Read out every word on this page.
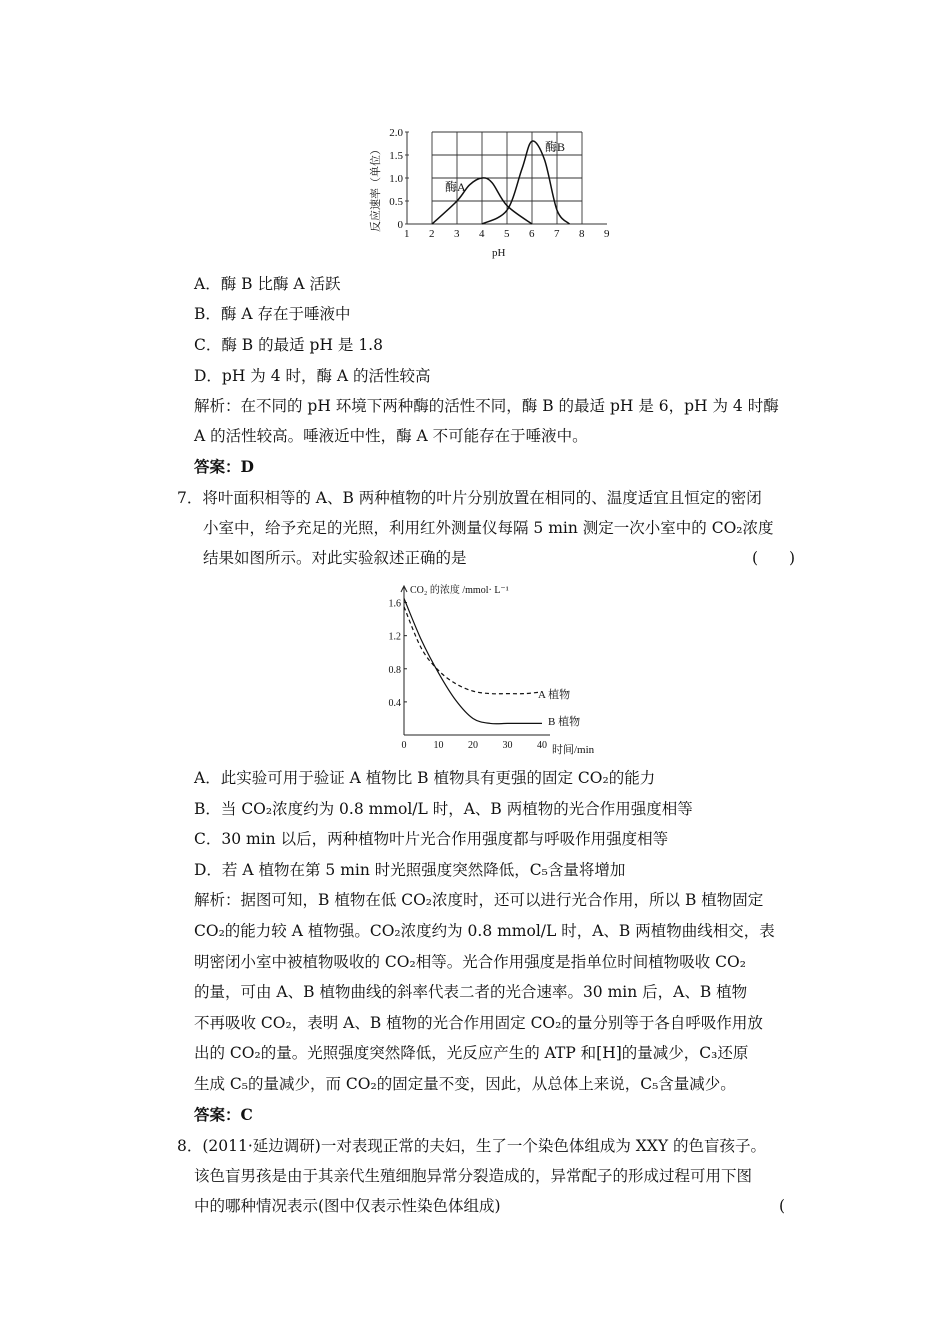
1 2 3 4 5 6 7 8 9
0
0.5
1.0
1.5
2.0
反应速率（单位）
pH
酶A
酶B
A．酶 B 比酶 A 活跃
B．酶 A 存在于唾液中
C．酶 B 的最适 pH 是 1.8
D．pH 为 4 时，酶 A 的活性较高
解析：在不同的 pH 环境下两种酶的活性不同，酶 B 的最适 pH 是 6，pH 为 4 时酶
A 的活性较高。唾液近中性，酶 A 不可能存在于唾液中。
答案：D
7．将叶面积相等的 A、B 两种植物的叶片分别放置在相同的、温度适宜且恒定的密闭
小室中，给予充足的光照，利用红外测量仪每隔 5 min 测定一次小室中的 CO₂浓度
结果如图所示。对此实验叙述正确的是	(　　)
0	10 20 30 40
0.4
0.8
1.2
1.6
CO₂ 的浓度 /mmol· L⁻¹
时间/min
A 植物
B 植物
A．此实验可用于验证 A 植物比 B 植物具有更强的固定 CO₂的能力
B．当 CO₂浓度约为 0.8 mmol/L 时，A、B 两植物的光合作用强度相等
C．30 min 以后，两种植物叶片光合作用强度都与呼吸作用强度相等
D．若 A 植物在第 5 min 时光照强度突然降低，C₅含量将增加
解析：据图可知，B 植物在低 CO₂浓度时，还可以进行光合作用，所以 B 植物固定
CO₂的能力较 A 植物强。CO₂浓度约为 0.8 mmol/L 时，A、B 两植物曲线相交，表
明密闭小室中被植物吸收的 CO₂相等。光合作用强度是指单位时间植物吸收 CO₂
的量，可由 A、B 植物曲线的斜率代表二者的光合速率。30 min 后，A、B 植物
不再吸收 CO₂，表明 A、B 植物的光合作用固定 CO₂的量分别等于各自呼吸作用放
出的 CO₂的量。光照强度突然降低，光反应产生的 ATP 和[H]的量减少，C₃还原
生成 C₅的量减少，而 CO₂的固定量不变，因此，从总体上来说，C₅含量减少。
答案：C
8．(2011·延边调研)一对表现正常的夫妇，生了一个染色体组成为 XXY 的色盲孩子。
该色盲男孩是由于其亲代生殖细胞异常分裂造成的，异常配子的形成过程可用下图
中的哪种情况表示(图中仅表示性染色体组成)	(
